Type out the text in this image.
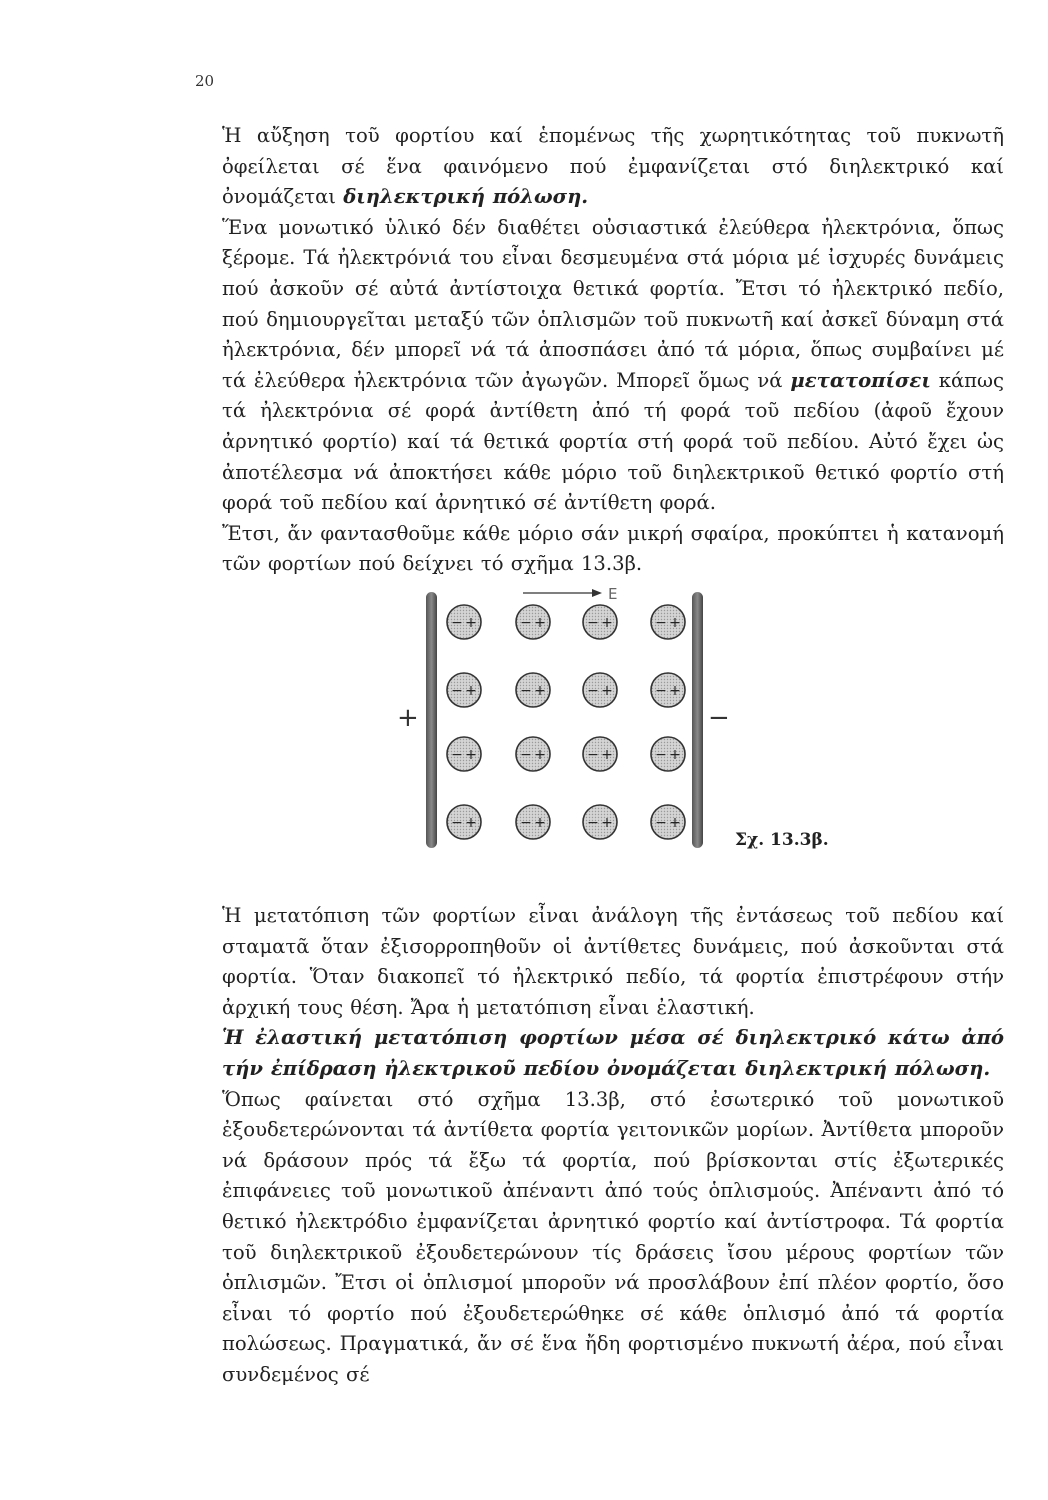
20

Ἡ αὔξηση τοῦ φορτίου καί ἑπομένως τῆς χωρητικότητας τοῦ πυκνωτῆ ὀφείλεται σέ ἕνα φαινόμενο πού ἐμφανίζεται στό διηλεκτρικό καί ὀνομάζεται διηλεκτρική πόλωση.

Ἕνα μονωτικό ὑλικό δέν διαθέτει οὐσιαστικά ἐλεύθερα ἠλεκτρόνια, ὅπως ξέρομε. Τά ἠλεκτρόνιά του εἶναι δεσμευμένα στά μόρια μέ ἰσχυρές δυνάμεις πού ἀσκοῦν σέ αὐτά ἀντίστοιχα θετικά φορτία. Ἔτσι τό ἠλεκτρικό πεδίο, πού δημιουργεῖται μεταξύ τῶν ὁπλισμῶν τοῦ πυκνωτῆ καί ἀσκεῖ δύναμη στά ἠλεκτρόνια, δέν μπορεῖ νά τά ἀποσπάσει ἀπό τά μόρια, ὅπως συμβαίνει μέ τά ἐλεύθερα ἠλεκτρόνια τῶν ἀγωγῶν. Μπορεῖ ὅμως νά μετατοπίσει κάπως τά ἠλεκτρόνια σέ φορά ἀντίθετη ἀπό τή φορά τοῦ πεδίου (ἀφοῦ ἔχουν ἀρνητικό φορτίο) καί τά θετικά φορτία στή φορά τοῦ πεδίου. Αὐτό ἔχει ὡς ἀποτέλεσμα νά ἀποκτήσει κάθε μόριο τοῦ διηλεκτρικοῦ θετικό φορτίο στή φορά τοῦ πεδίου καί ἀρνητικό σέ ἀντίθετη φορά.

Ἔτσι, ἄν φαντασθοῦμε κάθε μόριο σάν μικρή σφαίρα, προκύπτει ἡ κατανομή τῶν φορτίων πού δείχνει τό σχῆμα 13.3β.

E
+	−
− +	− +	− +	− +
− +	− +	− +	− +
− +	− +	− +	− +
− +	− +	− +	− +
Σχ. 13.3β.

Ἡ μετατόπιση τῶν φορτίων εἶναι ἀνάλογη τῆς ἐντάσεως τοῦ πεδίου καί σταματᾶ ὅταν ἐξισορροπηθοῦν οἱ ἀντίθετες δυνάμεις, πού ἀσκοῦνται στά φορτία. Ὅταν διακοπεῖ τό ἠλεκτρικό πεδίο, τά φορτία ἐπιστρέφουν στήν ἀρχική τους θέση. Ἄρα ἡ μετατόπιση εἶναι ἐλαστική.

Ἡ ἐλαστική μετατόπιση φορτίων μέσα σέ διηλεκτρικό κάτω ἀπό τήν ἐπίδραση ἠλεκτρικοῦ πεδίου ὀνομάζεται διηλεκτρική πόλωση.

Ὅπως φαίνεται στό σχῆμα 13.3β, στό ἐσωτερικό τοῦ μονωτικοῦ ἐξουδετερώνονται τά ἀντίθετα φορτία γειτονικῶν μορίων. Ἀντίθετα μποροῦν νά δράσουν πρός τά ἔξω τά φορτία, πού βρίσκονται στίς ἐξωτερικές ἐπιφάνειες τοῦ μονωτικοῦ ἀπέναντι ἀπό τούς ὁπλισμούς. Ἀπέναντι ἀπό τό θετικό ἠλεκτρόδιο ἐμφανίζεται ἀρνητικό φορτίο καί ἀντίστροφα. Τά φορτία τοῦ διηλεκτρικοῦ ἐξουδετερώνουν τίς δράσεις ἴσου μέρους φορτίων τῶν ὁπλισμῶν. Ἔτσι οἱ ὁπλισμοί μποροῦν νά προσλάβουν ἐπί πλέον φορτίο, ὅσο εἶναι τό φορτίο πού ἐξουδετερώθηκε σέ κάθε ὁπλισμό ἀπό τά φορτία πολώσεως. Πραγματικά, ἄν σέ ἕνα ἤδη φορτισμένο πυκνωτή ἀέρα, πού εἶναι συνδεμένος σέ
